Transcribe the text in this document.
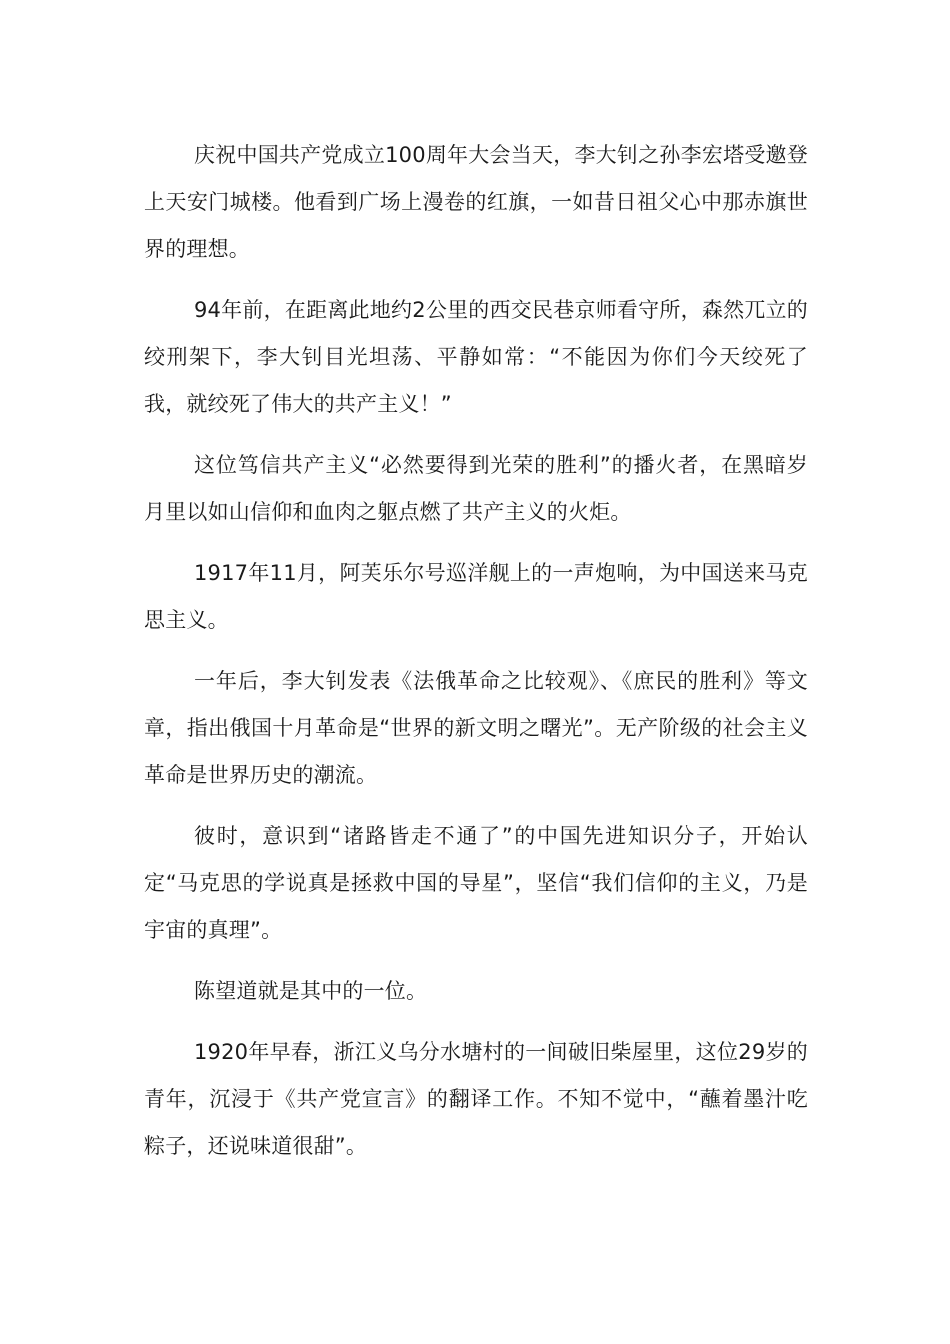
庆祝中国共产党成立100周年大会当天，李大钊之孙李宏塔受邀登上天安门城楼。他看到广场上漫卷的红旗，一如昔日祖父心中那赤旗世界的理想。

94年前，在距离此地约2公里的西交民巷京师看守所，森然兀立的绞刑架下，李大钊目光坦荡、平静如常：“不能因为你们今天绞死了我，就绞死了伟大的共产主义！”

这位笃信共产主义“必然要得到光荣的胜利”的播火者，在黑暗岁月里以如山信仰和血肉之躯点燃了共产主义的火炬。

1917年11月，阿芙乐尔号巡洋舰上的一声炮响，为中国送来马克思主义。

一年后，李大钊发表《法俄革命之比较观》、《庶民的胜利》等文章，指出俄国十月革命是“世界的新文明之曙光”。无产阶级的社会主义革命是世界历史的潮流。

彼时，意识到“诸路皆走不通了”的中国先进知识分子，开始认定“马克思的学说真是拯救中国的导星”，坚信“我们信仰的主义，乃是宇宙的真理”。

陈望道就是其中的一位。

1920年早春，浙江义乌分水塘村的一间破旧柴屋里，这位29岁的青年，沉浸于《共产党宣言》的翻译工作。不知不觉中，“蘸着墨汁吃粽子，还说味道很甜”。
